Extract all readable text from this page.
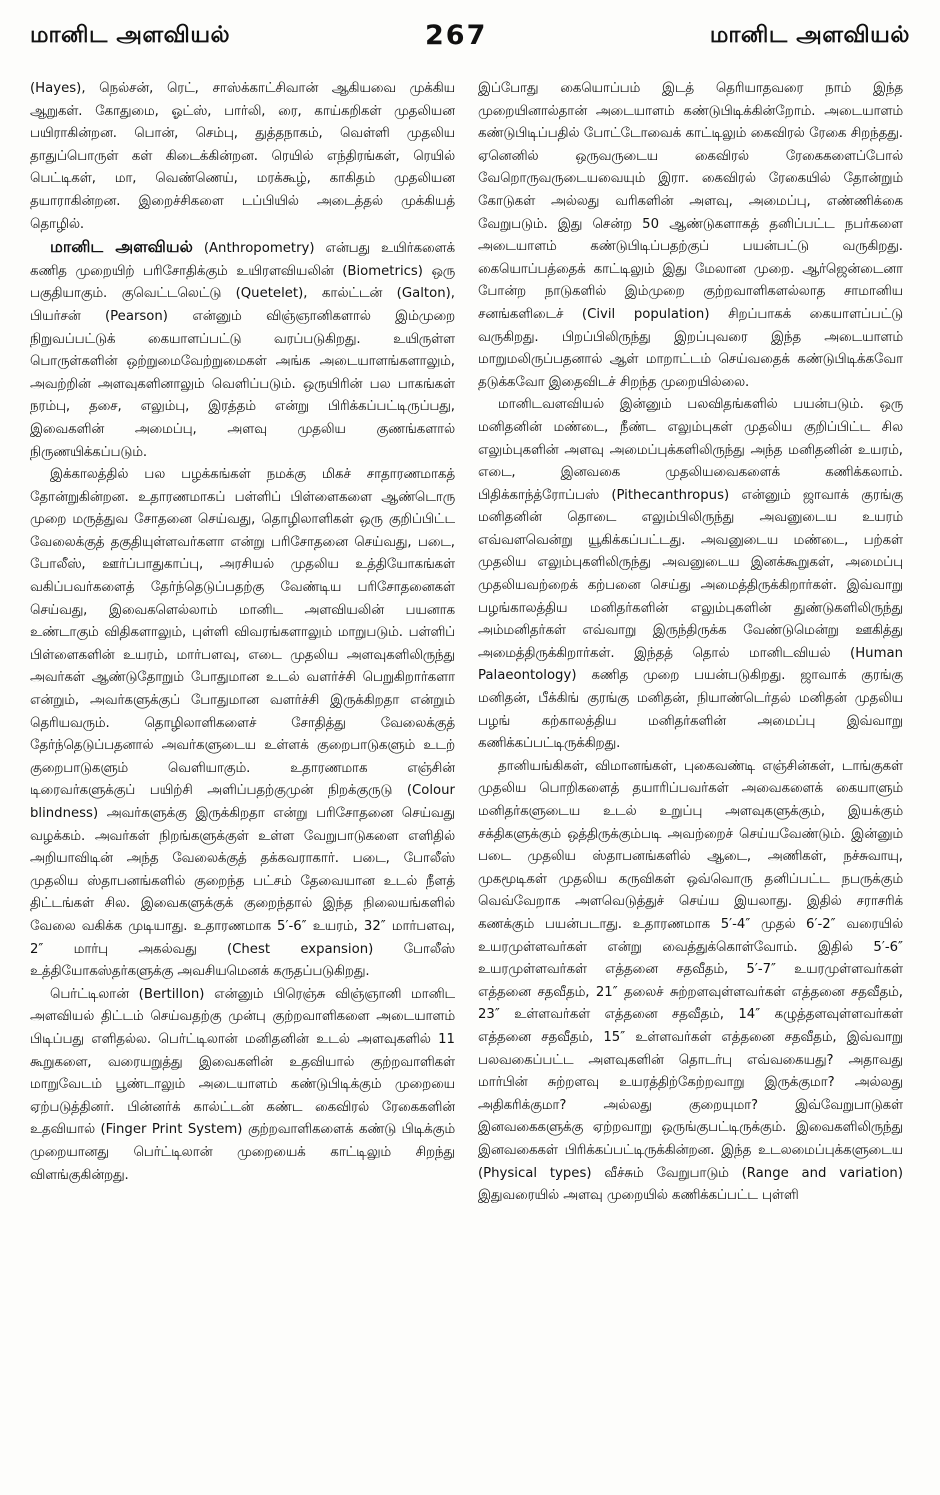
மானிட அளவியல்	267	மானிட அளவியல்

(Hayes), நெல்சன், ரெட், சாஸ்க்காட்சிவான் ஆகியவை முக்கிய ஆறுகள். கோதுமை, ஓட்ஸ், பார்லி, ரை, காய்கறிகள் முதலியன பயிராகின்றன. பொன், செம்பு, துத்தநாகம், வெள்ளி முதலிய தாதுப்பொருள் கள் கிடைக்கின்றன. ரெயில் எந்திரங்கள், ரெயில் பெட்டிகள், மா, வெண்ணெய், மரக்கூழ், காகிதம் முதலியன தயாராகின்றன. இறைச்சிகளை டப்பியில் அடைத்தல் முக்கியத் தொழில்.

மானிட அளவியல் (Anthropometry) என்பது உயிர்களைக் கணித முறையிற் பரிசோதிக்கும் உயிரளவியலின் (Biometrics) ஒரு பகுதியாகும். குவெட்டலெட்டு (Quetelet), கால்ட்டன் (Galton), பியர்சன் (Pearson) என்னும் விஞ்ஞானிகளால் இம்முறை நிறுவப்பட்டுக் கையாளப்பட்டு வரப்படுகிறது. உயிருள்ள பொருள்களின் ஒற்றுமைவேற்றுமைகள் அங்க அடையாளங்களாலும், அவற்றின் அளவுகளினாலும் வெளிப்படும். ஒருயிரின் பல பாகங்கள் நரம்பு, தசை, எலும்பு, இரத்தம் என்று பிரிக்கப்பட்டிருப்பது, இவைகளின் அமைப்பு, அளவு முதலிய குணங்களால் நிருணயிக்கப்படும்.

இக்காலத்தில் பல பழக்கங்கள் நமக்கு மிகச் சாதாரணமாகத் தோன்றுகின்றன. உதாரணமாகப் பள்ளிப் பிள்ளைகளை ஆண்டொரு முறை மருத்துவ சோதனை செய்வது, தொழிலாளிகள் ஒரு குறிப்பிட்ட வேலைக்குத் தகுதியுள்ளவர்களா என்று பரிசோதனை செய்வது, படை, போலீஸ், ஊர்ப்பாதுகாப்பு, அரசியல் முதலிய உத்தியோகங்கள் வகிப்பவர்களைத் தேர்ந்தெடுப்பதற்கு வேண்டிய பரிசோதனைகள் செய்வது, இவைகளெல்லாம் மானிட அளவியலின் பயனாக உண்டாகும் விதிகளாலும், புள்ளி விவரங்களாலும் மாறுபடும். பள்ளிப் பிள்ளைகளின் உயரம், மார்பளவு, எடை முதலிய அளவுகளிலிருந்து அவர்கள் ஆண்டுதோறும் போதுமான உடல் வளர்ச்சி பெறுகிறார்களா என்றும், அவர்களுக்குப் போதுமான வளர்ச்சி இருக்கிறதா என்றும் தெரியவரும். தொழிலாளிகளைச் சோதித்து வேலைக்குத் தேர்ந்தெடுப்பதனால் அவர்களுடைய உள்ளக் குறைபாடுகளும் உடற் குறைபாடுகளும் வெளியாகும். உதாரணமாக எஞ்சின் டிரைவர்களுக்குப் பயிற்சி அளிப்பதற்குமுன் நிறக்குருடு (Colour blindness) அவர்களுக்கு இருக்கிறதா என்று பரிசோதனை செய்வது வழக்கம். அவர்கள் நிறங்களுக்குள் உள்ள வேறுபாடுகளை எளிதில் அறியாவிடின் அந்த வேலைக்குத் தக்கவராகார். படை, போலீஸ் முதலிய ஸ்தாபனங்களில் குறைந்த பட்சம் தேவையான உடல் நீளத் திட்டங்கள் சில. இவைகளுக்குக் குறைந்தால் இந்த நிலையங்களில் வேலை வகிக்க முடியாது. உதாரணமாக 5′-6″ உயரம், 32″ மார்பளவு, 2″ மார்பு அகல்வது (Chest expansion) போலீஸ் உத்தியோகஸ்தர்களுக்கு அவசியமெனக் கருதப்படுகிறது.

பெர்ட்டிலான் (Bertillon) என்னும் பிரெஞ்சு விஞ்ஞானி மானிட அளவியல் திட்டம் செய்வதற்கு முன்பு குற்றவாளிகளை அடையாளம் பிடிப்பது எளிதல்ல. பெர்ட்டிலான் மனிதனின் உடல் அளவுகளில் 11 கூறுகளை, வரையறுத்து இவைகளின் உதவியால் குற்றவாளிகள் மாறுவேடம் பூண்டாலும் அடையாளம் கண்டுபிடிக்கும் முறையை ஏற்படுத்தினர். பின்னர்க் கால்ட்டன் கண்ட கைவிரல் ரேகைகளின் உதவியால் (Finger Print System) குற்றவாளிகளைக் கண்டு பிடிக்கும் முறையானது பெர்ட்டிலான் முறையைக் காட்டிலும் சிறந்து விளங்குகின்றது.

இப்போது கையொப்பம் இடத் தெரியாதவரை நாம் இந்த முறையினால்தான் அடையாளம் கண்டுபிடிக்கின்றோம். அடையாளம் கண்டுபிடிப்பதில் போட்டோவைக் காட்டிலும் கைவிரல் ரேகை சிறந்தது. ஏனெனில் ஒருவருடைய கைவிரல் ரேகைகளைப்போல் வேறொருவருடையவையும் இரா. கைவிரல் ரேகையில் தோன்றும் கோடுகள் அல்லது வரிகளின் அளவு, அமைப்பு, எண்ணிக்கை வேறுபடும். இது சென்ற 50 ஆண்டுகளாகத் தனிப்பட்ட நபர்களை அடையாளம் கண்டுபிடிப்பதற்குப் பயன்பட்டு வருகிறது. கையொப்பத்தைக் காட்டிலும் இது மேலான முறை. ஆர்ஜென்டைனா போன்ற நாடுகளில் இம்முறை குற்றவாளிகளல்லாத சாமானிய சனங்களிடைச் (Civil population) சிறப்பாகக் கையாளப்பட்டு வருகிறது. பிறப்பிலிருந்து இறப்புவரை இந்த அடையாளம் மாறுமலிருப்பதனால் ஆள் மாறாட்டம் செய்வதைக் கண்டுபிடிக்கவோ தடுக்கவோ இதைவிடச் சிறந்த முறையில்லை.

மானிடவளவியல் இன்னும் பலவிதங்களில் பயன்படும். ஒரு மனிதனின் மண்டை, நீண்ட எலும்புகள் முதலிய குறிப்பிட்ட சில எலும்புகளின் அளவு அமைப்புக்களிலிருந்து அந்த மனிதனின் உயரம், எடை, இனவகை முதலியவைகளைக் கணிக்கலாம். பிதிக்காந்த்ரோப்பஸ் (Pithecanthropus) என்னும் ஜாவாக் குரங்கு மனிதனின் தொடை எலும்பிலிருந்து அவனுடைய உயரம் எவ்வளவென்று யூகிக்கப்பட்டது. அவனுடைய மண்டை, பற்கள் முதலிய எலும்புகளிலிருந்து அவனுடைய இனக்கூறுகள், அமைப்பு முதலியவற்றைக் கற்பனை செய்து அமைத்திருக்கிறார்கள். இவ்வாறு பழங்காலத்திய மனிதர்களின் எலும்புகளின் துண்டுகளிலிருந்து அம்மனிதர்கள் எவ்வாறு இருந்திருக்க வேண்டுமென்று ஊகித்து அமைத்திருக்கிறார்கள். இந்தத் தொல் மானிடவியல் (Human Palaeontology) கணித முறை பயன்படுகிறது. ஜாவாக் குரங்கு மனிதன், பீக்கிங் குரங்கு மனிதன், நியாண்டெர்தல் மனிதன் முதலிய பழங் கற்காலத்திய மனிதர்களின் அமைப்பு இவ்வாறு கணிக்கப்பட்டிருக்கிறது.

தானியங்கிகள், விமானங்கள், புகைவண்டி எஞ்சின்கள், டாங்குகள் முதலிய பொறிகளைத் தயாரிப்பவர்கள் அவைகளைக் கையாளும் மனிதர்களுடைய உடல் உறுப்பு அளவுகளுக்கும், இயக்கும் சக்திகளுக்கும் ஒத்திருக்கும்படி அவற்றைச் செய்யவேண்டும். இன்னும் படை முதலிய ஸ்தாபனங்களில் ஆடை, அணிகள், நச்சுவாயு, முகமூடிகள் முதலிய கருவிகள் ஒவ்வொரு தனிப்பட்ட நபருக்கும் வெவ்வேறாக அளவெடுத்துச் செய்ய இயலாது. இதில் சராசரிக் கணக்கும் பயன்படாது. உதாரணமாக 5′-4″ முதல் 6′-2″ வரையில் உயரமுள்ளவர்கள் என்று வைத்துக்கொள்வோம். இதில் 5′-6″ உயரமுள்ளவர்கள் எத்தனை சதவீதம், 5′-7″ உயரமுள்ளவர்கள் எத்தனை சதவீதம், 21″ தலைச் சுற்றளவுள்ளவர்கள் எத்தனை சதவீதம், 23″ உள்ளவர்கள் எத்தனை சதவீதம், 14″ கழுத்தளவுள்ளவர்கள் எத்தனை சதவீதம், 15″ உள்ளவர்கள் எத்தனை சதவீதம், இவ்வாறு பலவகைப்பட்ட அளவுகளின் தொடர்பு எவ்வகையது? அதாவது மார்பின் சுற்றளவு உயரத்திற்கேற்றவாறு இருக்குமா? அல்லது அதிகரிக்குமா? அல்லது குறையுமா? இவ்வேறுபாடுகள் இனவகைகளுக்கு ஏற்றவாறு ஒருங்குபட்டிருக்கும். இவைகளிலிருந்து இனவகைகள் பிரிக்கப்பட்டிருக்கின்றன. இந்த உடலமைப்புக்களுடைய (Physical types) வீச்சும் வேறுபாடும் (Range and variation) இதுவரையில் அளவு முறையில் கணிக்கப்பட்ட புள்ளி
